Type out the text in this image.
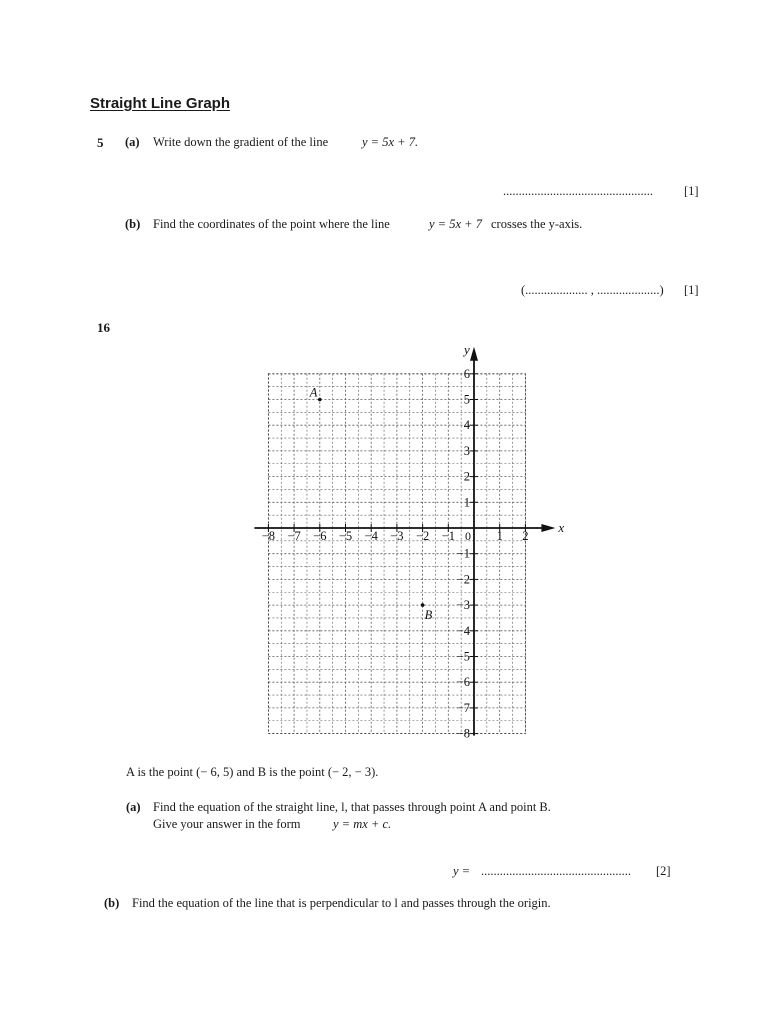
Straight Line Graph
5 (a) Write down the gradient of the line	y = 5x + 7.
................................................ [1]
(b) Find the coordinates of the point where the line	y = 5x + 7 crosses the y-axis.
(.................... , ....................) [1]
16
x
y
0
−8 −7 −6 −5 −4 −3 −2 −1	1 2
6
5
4
3
2
1
−1
−2
−3
−4
−5
−6
−7
−8
A
B
A is the point (− 6, 5) and B is the point (− 2, − 3).
(a) Find the equation of the straight line, l, that passes through point A and point B.
Give your answer in the form	y = mx + c.
y = ................................................ [2]
(b) Find the equation of the line that is perpendicular to l and passes through the origin.
